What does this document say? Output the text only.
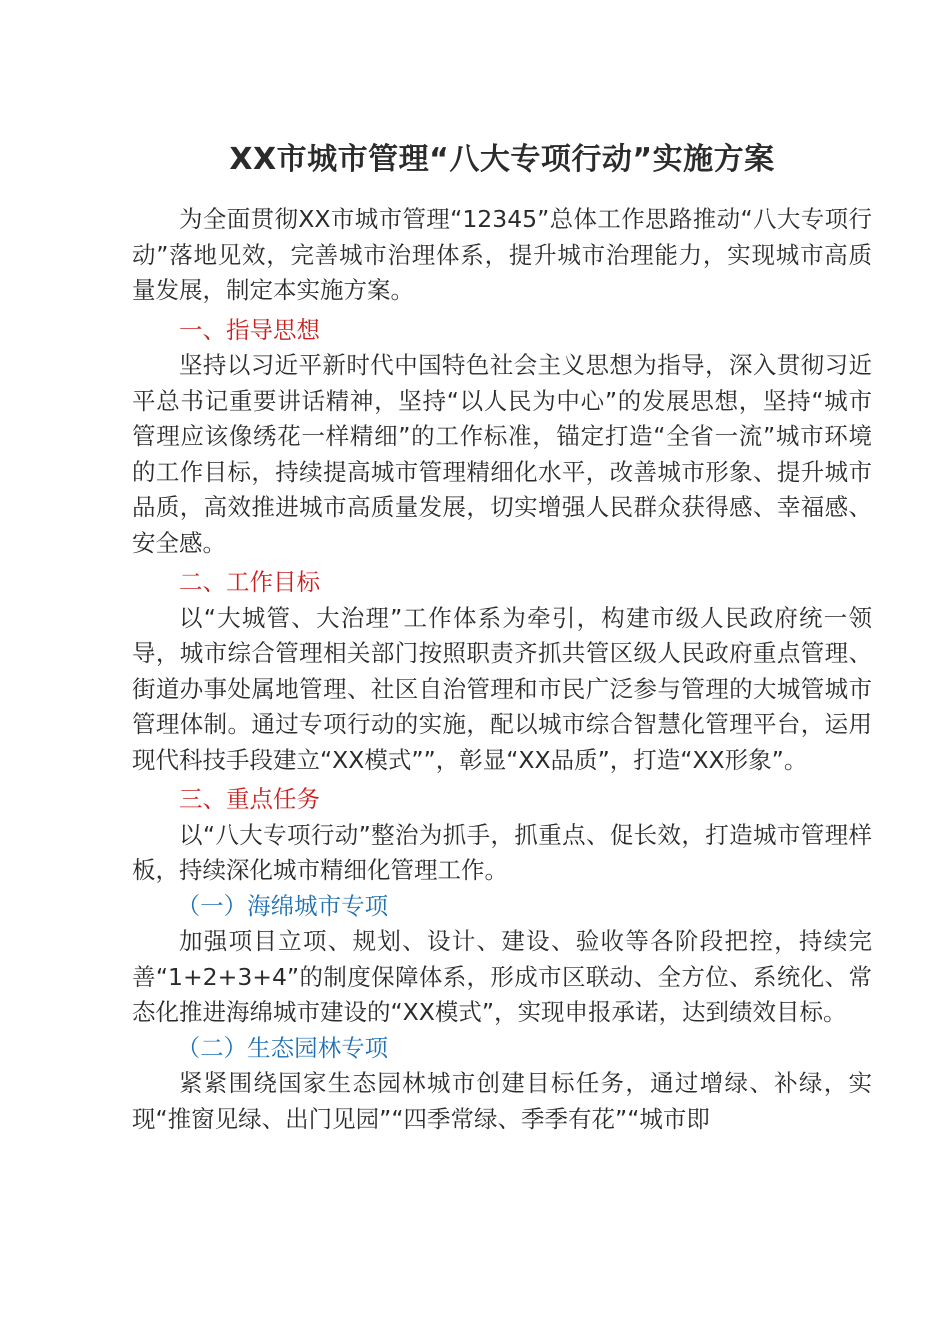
XX市城市管理“八大专项行动”实施方案

为全面贯彻XX市城市管理“12345”总体工作思路推动“八大专项行动”落地见效，完善城市治理体系，提升城市治理能力，实现城市高质量发展，制定本实施方案。

一、指导思想

坚持以习近平新时代中国特色社会主义思想为指导，深入贯彻习近平总书记重要讲话精神，坚持“以人民为中心”的发展思想，坚持“城市管理应该像绣花一样精细”的工作标准，锚定打造“全省一流”城市环境的工作目标，持续提高城市管理精细化水平，改善城市形象、提升城市品质，高效推进城市高质量发展，切实增强人民群众获得感、幸福感、安全感。

二、工作目标

以“大城管、大治理”工作体系为牵引，构建市级人民政府统一领导，城市综合管理相关部门按照职责齐抓共管区级人民政府重点管理、街道办事处属地管理、社区自治管理和市民广泛参与管理的大城管城市管理体制。通过专项行动的实施，配以城市综合智慧化管理平台，运用现代科技手段建立“XX模式””，彰显“XX品质”，打造“XX形象”。

三、重点任务

以“八大专项行动”整治为抓手，抓重点、促长效，打造城市管理样板，持续深化城市精细化管理工作。

（一）海绵城市专项

加强项目立项、规划、设计、建设、验收等各阶段把控，持续完善“1+2+3+4”的制度保障体系，形成市区联动、全方位、系统化、常态化推进海绵城市建设的“XX模式”，实现申报承诺，达到绩效目标。

（二）生态园林专项

紧紧围绕国家生态园林城市创建目标任务，通过增绿、补绿，实现“推窗见绿、出门见园”“四季常绿、季季有花”“城市即
